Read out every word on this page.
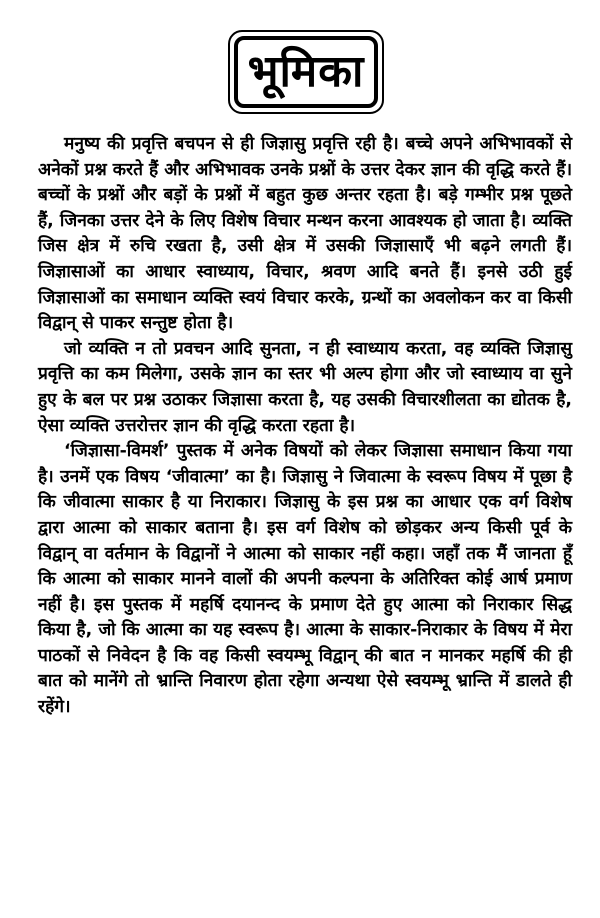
भूमिका

मनुष्य की प्रवृत्ति बचपन से ही जिज्ञासु प्रवृत्ति रही है। बच्चे अपने अभिभावकों से अनेकों प्रश्न करते हैं और अभिभावक उनके प्रश्नों के उत्तर देकर ज्ञान की वृद्धि करते हैं। बच्चों के प्रश्नों और बड़ों के प्रश्नों में बहुत कुछ अन्तर रहता है। बड़े गम्भीर प्रश्न पूछते हैं, जिनका उत्तर देने के लिए विशेष विचार मन्थन करना आवश्यक हो जाता है। व्यक्ति जिस क्षेत्र में रुचि रखता है, उसी क्षेत्र में उसकी जिज्ञासाएँ भी बढ़ने लगती हैं। जिज्ञासाओं का आधार स्वाध्याय, विचार, श्रवण आदि बनते हैं। इनसे उठी हुई जिज्ञासाओं का समाधान व्यक्ति स्वयं विचार करके, ग्रन्थों का अवलोकन कर वा किसी विद्वान् से पाकर सन्तुष्ट होता है।

जो व्यक्ति न तो प्रवचन आदि सुनता, न ही स्वाध्याय करता, वह व्यक्ति जिज्ञासु प्रवृत्ति का कम मिलेगा, उसके ज्ञान का स्तर भी अल्प होगा और जो स्वाध्याय वा सुने हुए के बल पर प्रश्न उठाकर जिज्ञासा करता है, यह उसकी विचारशीलता का द्योतक है, ऐसा व्यक्ति उत्तरोत्तर ज्ञान की वृद्धि करता रहता है।

‘जिज्ञासा-विमर्श’ पुस्तक में अनेक विषयों को लेकर जिज्ञासा समाधान किया गया है। उनमें एक विषय ‘जीवात्मा’ का है। जिज्ञासु ने जिवात्मा के स्वरूप विषय में पूछा है कि जीवात्मा साकार है या निराकार। जिज्ञासु के इस प्रश्न का आधार एक वर्ग विशेष द्वारा आत्मा को साकार बताना है। इस वर्ग विशेष को छोड़कर अन्य किसी पूर्व के विद्वान् वा वर्तमान के विद्वानों ने आत्मा को साकार नहीं कहा। जहाँ तक मैं जानता हूँ कि आत्मा को साकार मानने वालों की अपनी कल्पना के अतिरिक्त कोई आर्ष प्रमाण नहीं है। इस पुस्तक में महर्षि दयानन्द के प्रमाण देते हुए आत्मा को निराकार सिद्ध किया है, जो कि आत्मा का यह स्वरूप है। आत्मा के साकार-निराकार के विषय में मेरा पाठकों से निवेदन है कि वह किसी स्वयम्भू विद्वान् की बात न मानकर महर्षि की ही बात को मानेंगे तो भ्रान्ति निवारण होता रहेगा अन्यथा ऐसे स्वयम्भू भ्रान्ति में डालते ही रहेंगे।
